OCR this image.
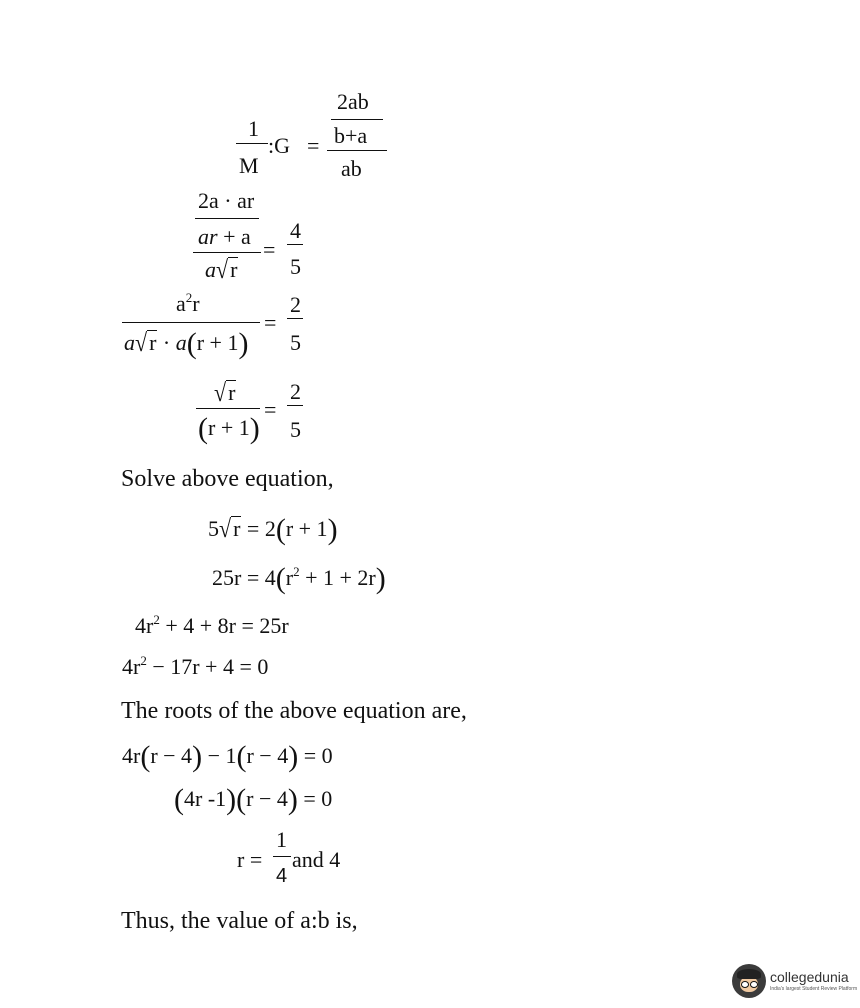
1
M
:G =
2ab
b+a
ab
2a · ar
ar + a
a√r
=
4
5
$a^2r$
a√r · a(r + 1)
=
2
5
√r
(r + 1)
=
2
5
Solve above equation,
5√r = 2(r + 1)
$25r = 4(r^2 + 1 + 2r)$
$4r^2 + 4 + 8r = 25r$
$4r^2 - 17r + 4 = 0$
The roots of the above equation are,
4r(r − 4) − 1(r − 4) = 0
(4r -1)(r − 4) = 0
r =
1
4
and 4
Thus, the value of a:b is,
collegedunia
India's largest Student Review Platform
